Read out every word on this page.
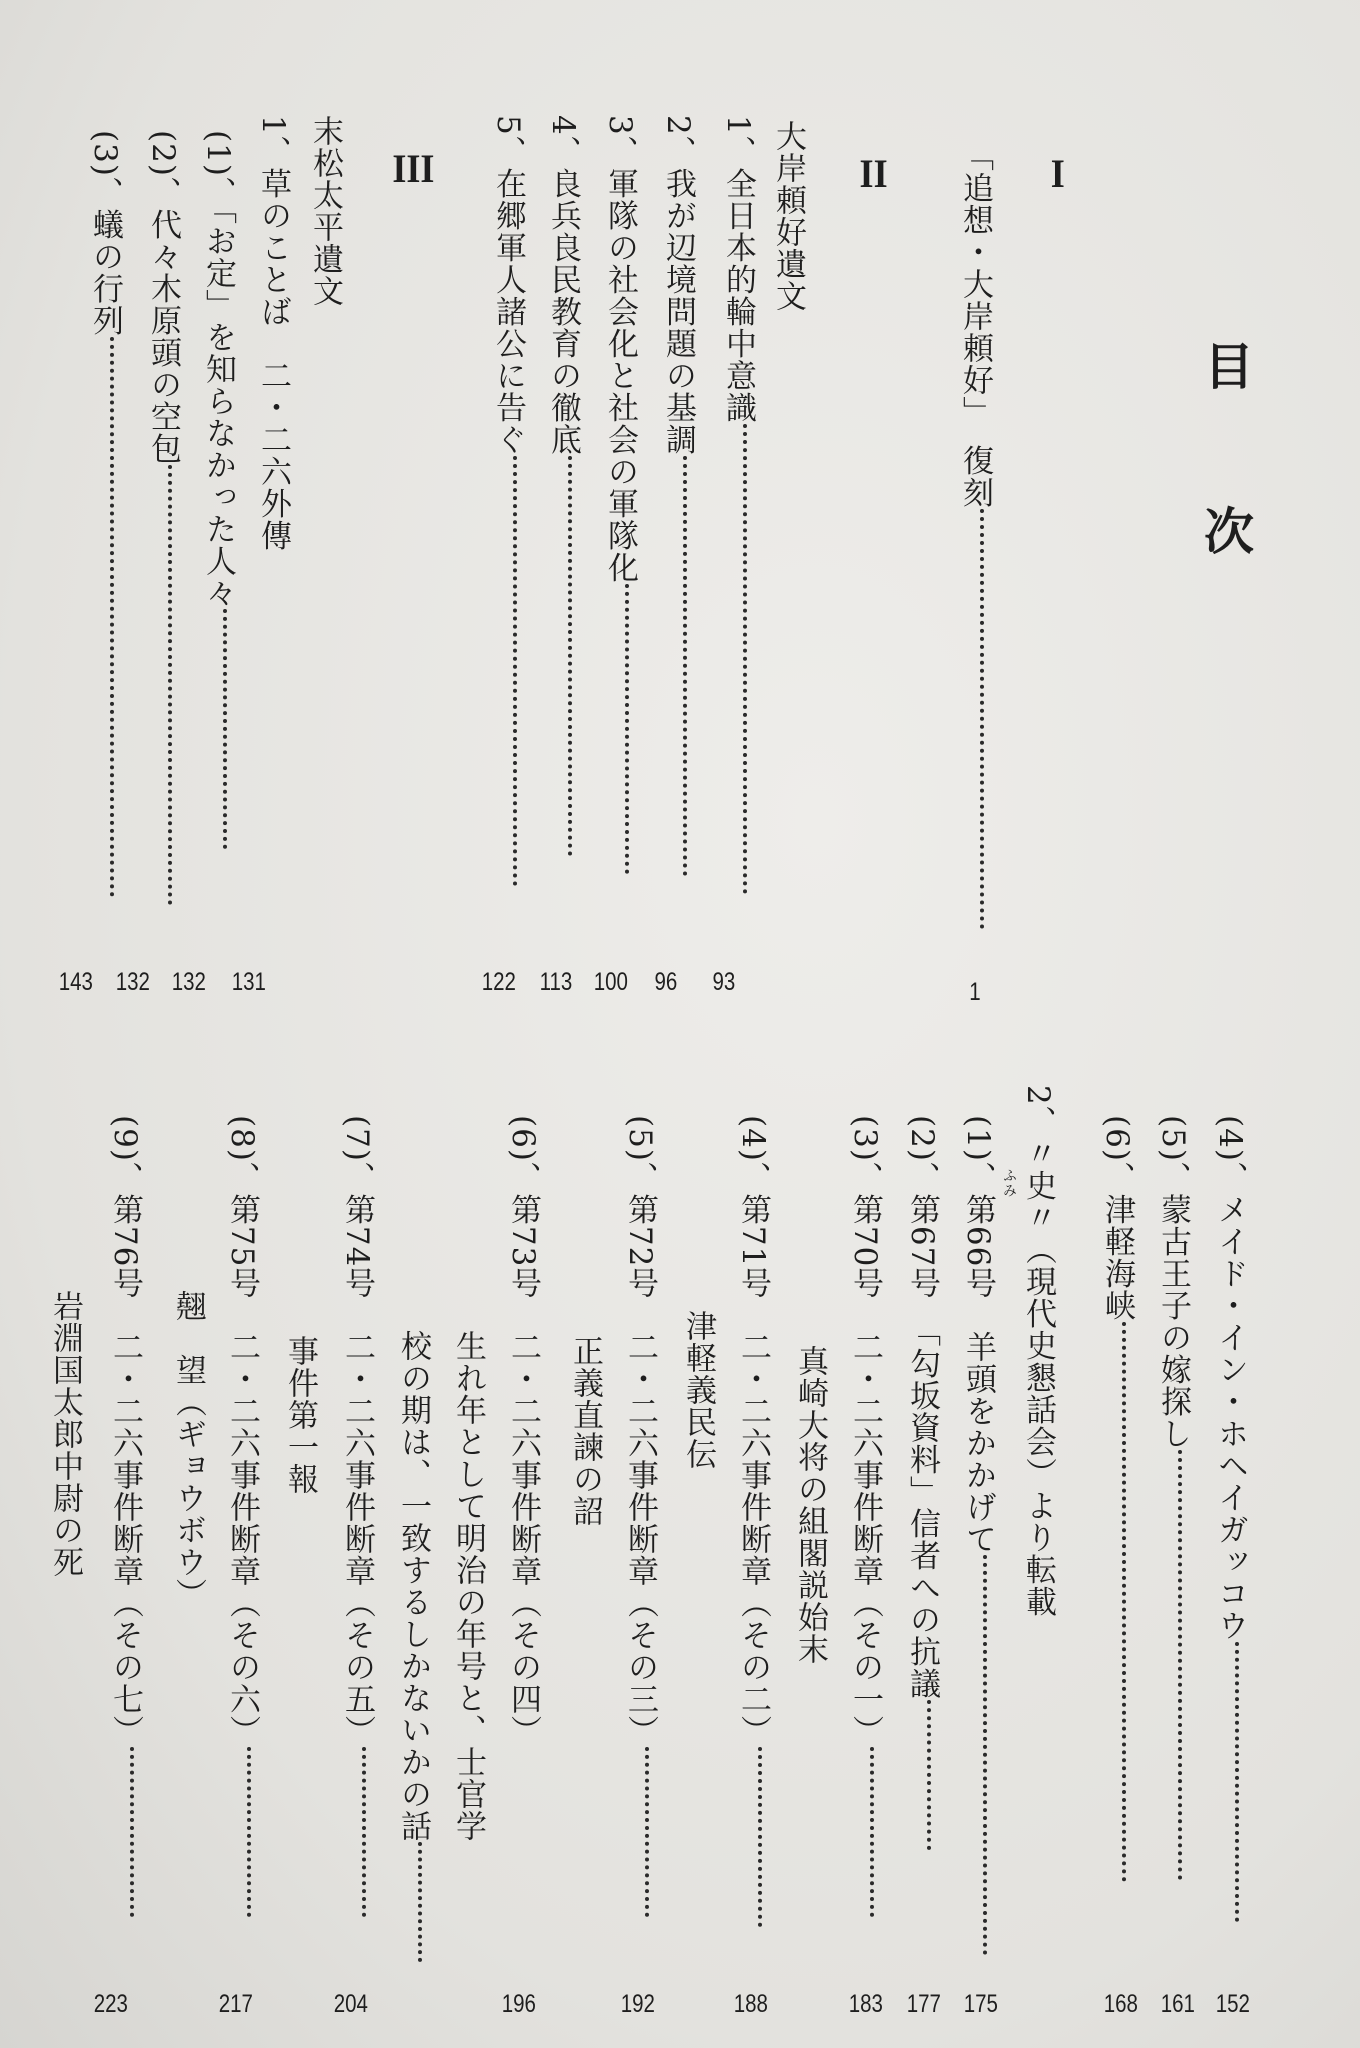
目
次
I
「追想・大岸頼好」　復刻
1
II
大岸頼好遺文
1、全日本的輪中意識
93
2、我が辺境問題の基調
96
3、軍隊の社会化と社会の軍隊化
100
4、良兵良民教育の徹底
113
5、在郷軍人諸公に告ぐ
122
III
末松太平遺文
1、草のことば　二・二六外傳
(1)、「お定」を知らなかった人々
131
(2)、代々木原頭の空包
132
(3)、蟻の行列
132
143
(4)、メイド・イン・ホヘイガッコウ
152
(5)、蒙古王子の嫁探し
161
(6)、津軽海峡
168
2、〃史〃（現代史懇話会）より転載
ふみ
(1)、第66号　羊頭をかかげて
175
(2)、第67号　「勾坂資料」信者への抗議
177
(3)、第70号　二・二六事件断章（その一）
真崎大将の組閣説始末
183
(4)、第71号　二・二六事件断章（その二）
津軽義民伝
188
(5)、第72号　二・二六事件断章（その三）
正義直諫の詔
192
(6)、第73号　二・二六事件断章（その四）
生れ年として明治の年号と、士官学
校の期は、一致するしかないかの話
196
(7)、第74号　二・二六事件断章（その五）
事件第一報
204
(8)、第75号　二・二六事件断章（その六）
翹　望（ギョウボウ）
217
(9)、第76号　二・二六事件断章（その七）
岩淵国太郎中尉の死
223
